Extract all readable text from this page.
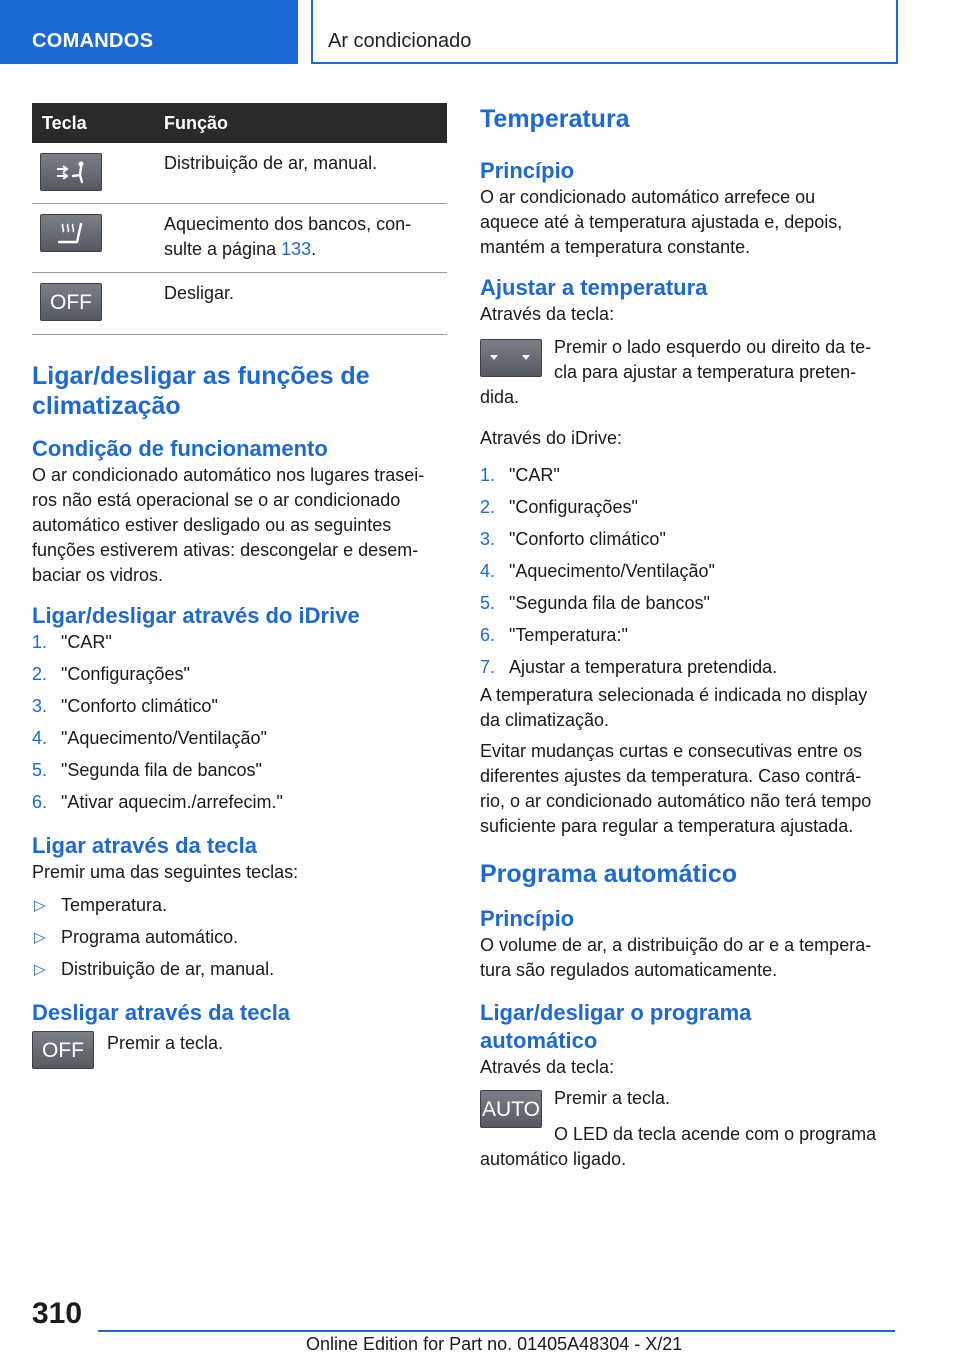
COMANDOS	Ar condicionado
Tecla	Função

	Distribuição de ar, manual.

	Aquecimento dos bancos, con-
sulte a página 133.
OFF	Desligar.
Ligar/desligar as funções de
climatização
Condição de funcionamento

O ar condicionado automático nos lugares trasei-
ros não está operacional se o ar condicionado
automático estiver desligado ou as seguintes
funções estiverem ativas: descongelar e desem-
baciar os vidros.

Ligar/desligar através do iDrive
1. "CAR"
2. "Configurações"
3. "Conforto climático"
4. "Aquecimento/Ventilação"
5. "Segunda fila de bancos"
6. "Ativar aquecim./arrefecim."
Ligar através da tecla

Premir uma das seguintes teclas:

▷ Temperatura.
▷ Programa automático.
▷ Distribuição de ar, manual.
Desligar através da tecla
OFF	Premir a tecla.

Temperatura
Princípio

O ar condicionado automático arrefece ou
aquece até à temperatura ajustada e, depois,
mantém a temperatura constante.

Ajustar a temperatura

Através da tecla:

Premir o lado esquerdo ou direito da te-
cla para ajustar a temperatura preten-

dida.

Através do iDrive:

1. "CAR"
2. "Configurações"
3. "Conforto climático"
4. "Aquecimento/Ventilação"
5. "Segunda fila de bancos"
6. "Temperatura:"
7. Ajustar a temperatura pretendida.

A temperatura selecionada é indicada no display
da climatização.

Evitar mudanças curtas e consecutivas entre os
diferentes ajustes da temperatura. Caso contrá-
rio, o ar condicionado automático não terá tempo
suficiente para regular a temperatura ajustada.

Programa automático
Princípio

O volume de ar, a distribuição do ar e a tempera-
tura são regulados automaticamente.

Ligar/desligar o programa
automático

Através da tecla:

AUTO Premir a tecla.

O LED da tecla acende com o programa

automático ligado.

310
Online Edition for Part no. 01405A48304 - X/21
